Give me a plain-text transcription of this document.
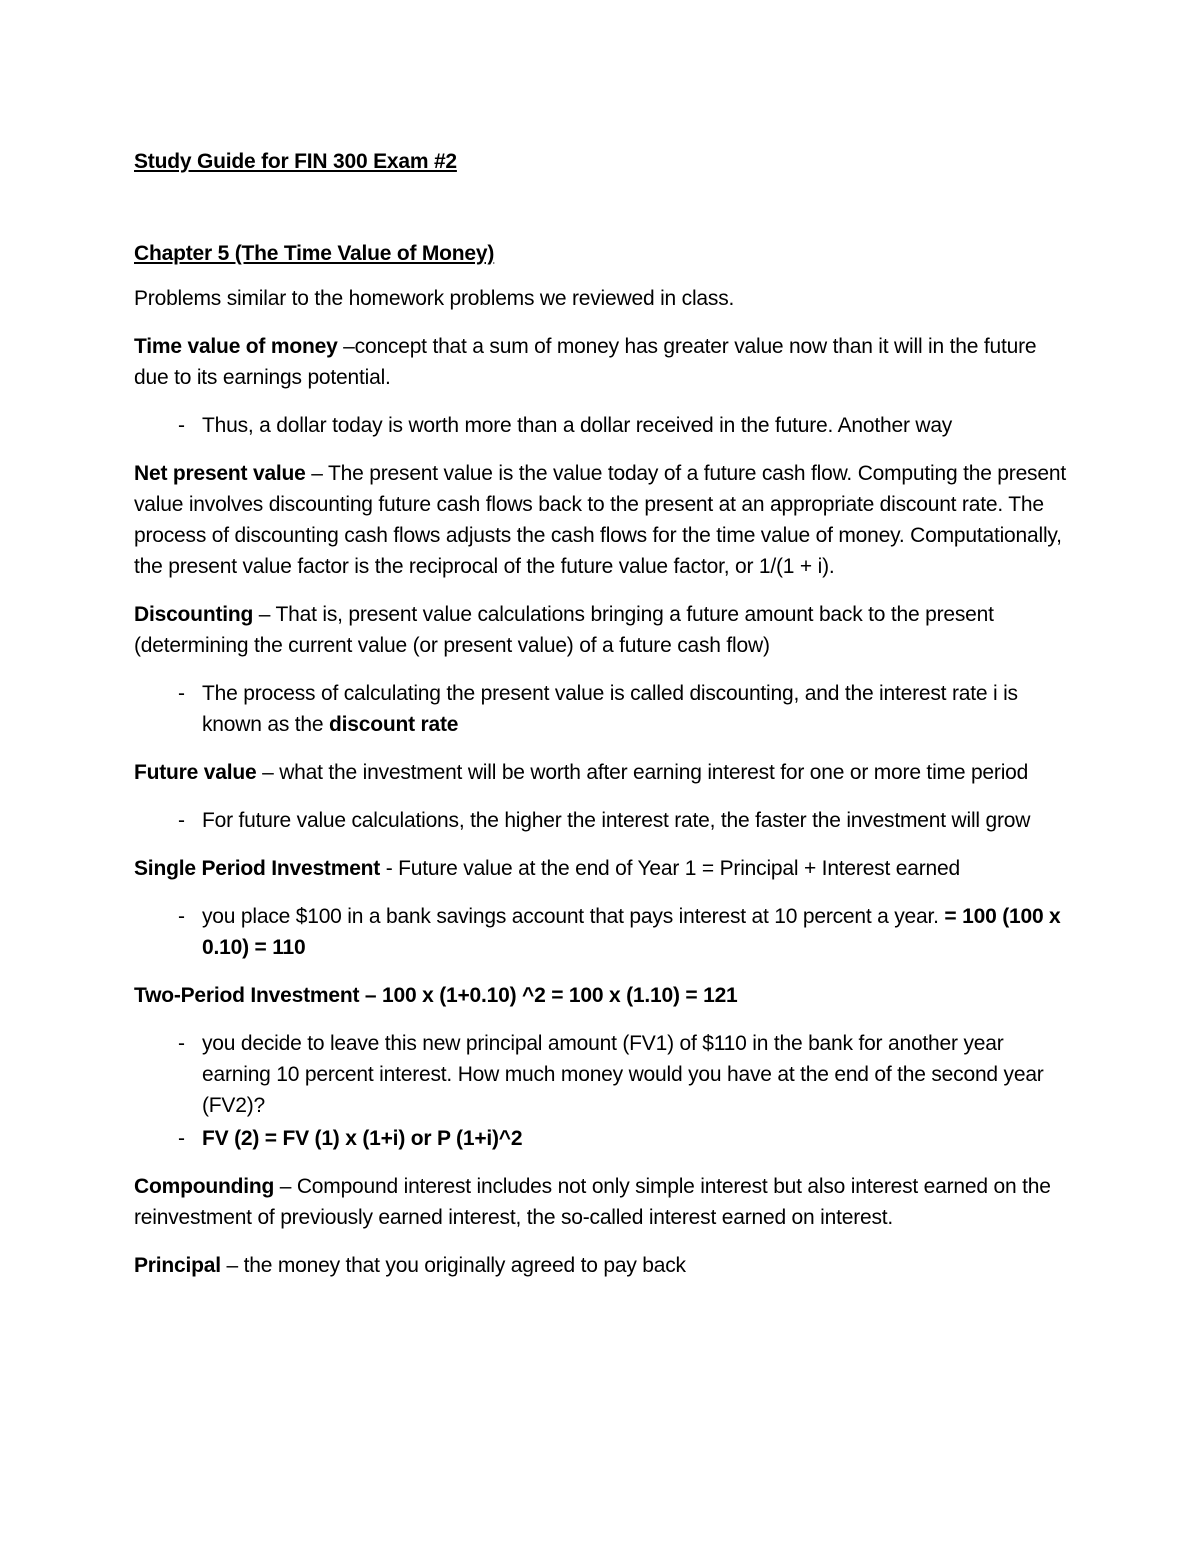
Study Guide for FIN 300 Exam #2
Chapter 5 (The Time Value of Money)
Problems similar to the homework problems we reviewed in class.
Time value of money –concept that a sum of money has greater value now than it will in the future due to its earnings potential.
- Thus, a dollar today is worth more than a dollar received in the future. Another way
Net present value – The present value is the value today of a future cash flow. Computing the present value involves discounting future cash flows back to the present at an appropriate discount rate. The process of discounting cash flows adjusts the cash flows for the time value of money. Computationally, the present value factor is the reciprocal of the future value factor, or 1/(1 + i).
Discounting – That is, present value calculations bringing a future amount back to the present (determining the current value (or present value) of a future cash flow)
- The process of calculating the present value is called discounting, and the interest rate i is known as the discount rate
Future value – what the investment will be worth after earning interest for one or more time period
- For future value calculations, the higher the interest rate, the faster the investment will grow
Single Period Investment - Future value at the end of Year 1 = Principal + Interest earned
- you place $100 in a bank savings account that pays interest at 10 percent a year. = 100 (100 x 0.10) = 110
Two-Period Investment – 100 x (1+0.10) ^2 = 100 x (1.10) = 121
- you decide to leave this new principal amount (FV1) of $110 in the bank for another year earning 10 percent interest. How much money would you have at the end of the second year (FV2)?
- FV (2) = FV (1) x (1+i) or P (1+i)^2
Compounding – Compound interest includes not only simple interest but also interest earned on the reinvestment of previously earned interest, the so-called interest earned on interest.
Principal – the money that you originally agreed to pay back
